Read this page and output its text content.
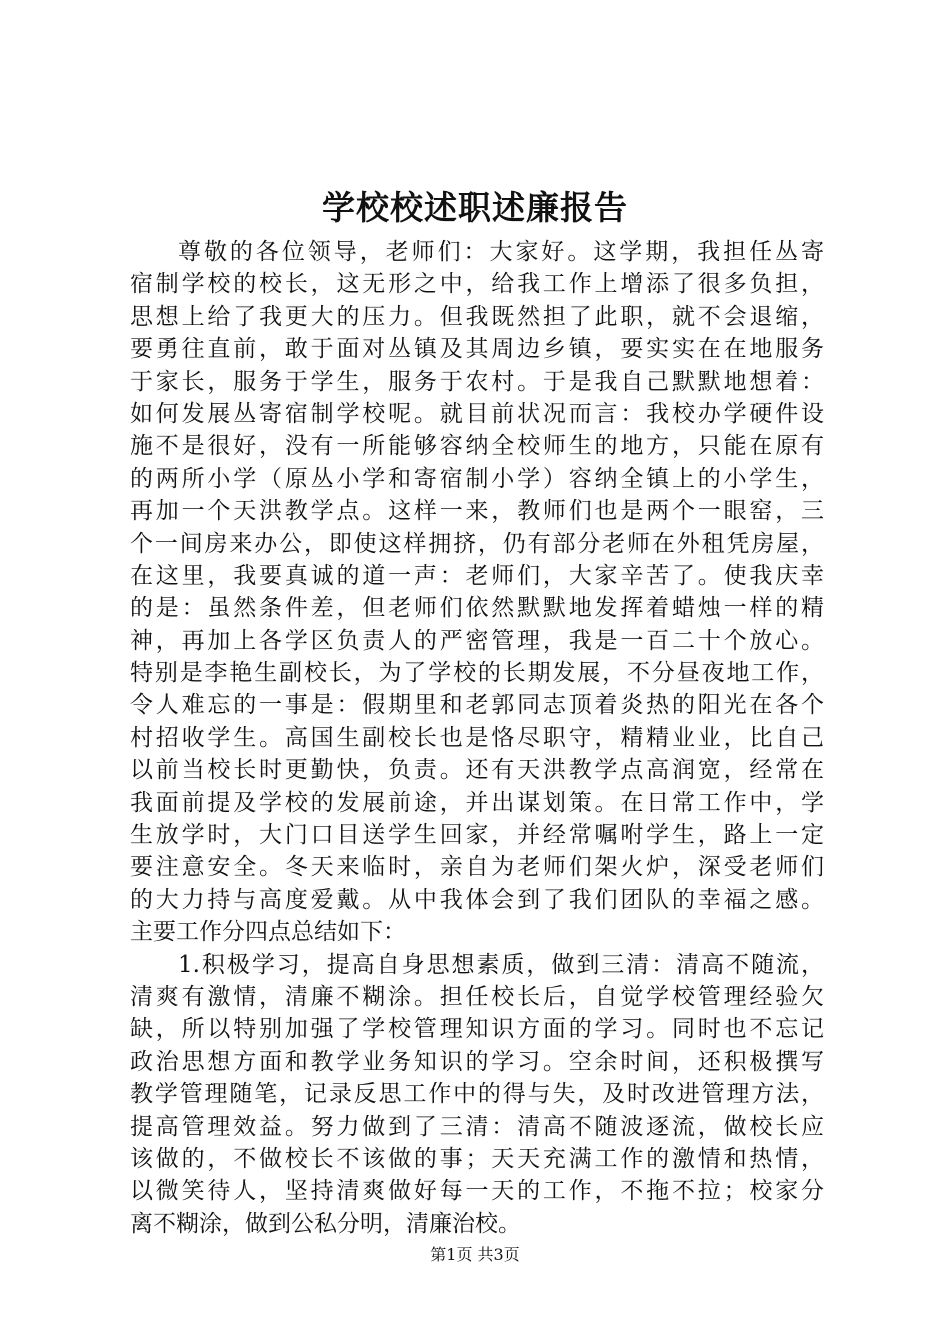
学校校述职述廉报告
尊敬的各位领导，老师们：大家好。这学期，我担任丛寄
宿制学校的校长，这无形之中，给我工作上增添了很多负担，
思想上给了我更大的压力。但我既然担了此职，就不会退缩，
要勇往直前，敢于面对丛镇及其周边乡镇，要实实在在地服务
于家长，服务于学生，服务于农村。于是我自己默默地想着：
如何发展丛寄宿制学校呢。就目前状况而言：我校办学硬件设
施不是很好，没有一所能够容纳全校师生的地方，只能在原有
的两所小学（原丛小学和寄宿制小学）容纳全镇上的小学生，
再加一个天洪教学点。这样一来，教师们也是两个一眼窑，三
个一间房来办公，即使这样拥挤，仍有部分老师在外租凭房屋，
在这里，我要真诚的道一声：老师们，大家辛苦了。使我庆幸
的是：虽然条件差，但老师们依然默默地发挥着蜡烛一样的精
神，再加上各学区负责人的严密管理，我是一百二十个放心。
特别是李艳生副校长，为了学校的长期发展，不分昼夜地工作，
令人难忘的一事是：假期里和老郭同志顶着炎热的阳光在各个
村招收学生。高国生副校长也是恪尽职守，精精业业，比自己
以前当校长时更勤快，负责。还有天洪教学点高润宽，经常在
我面前提及学校的发展前途，并出谋划策。在日常工作中，学
生放学时，大门口目送学生回家，并经常嘱咐学生，路上一定
要注意安全。冬天来临时，亲自为老师们架火炉，深受老师们
的大力持与高度爱戴。从中我体会到了我们团队的幸福之感。
主要工作分四点总结如下：
1.积极学习，提高自身思想素质，做到三清：清高不随流，
清爽有激情，清廉不糊涂。担任校长后，自觉学校管理经验欠
缺，所以特别加强了学校管理知识方面的学习。同时也不忘记
政治思想方面和教学业务知识的学习。空余时间，还积极撰写
教学管理随笔，记录反思工作中的得与失，及时改进管理方法，
提高管理效益。努力做到了三清：清高不随波逐流，做校长应
该做的，不做校长不该做的事；天天充满工作的激情和热情，
以微笑待人，坚持清爽做好每一天的工作，不拖不拉；校家分
离不糊涂，做到公私分明，清廉治校。
第1页 共3页
